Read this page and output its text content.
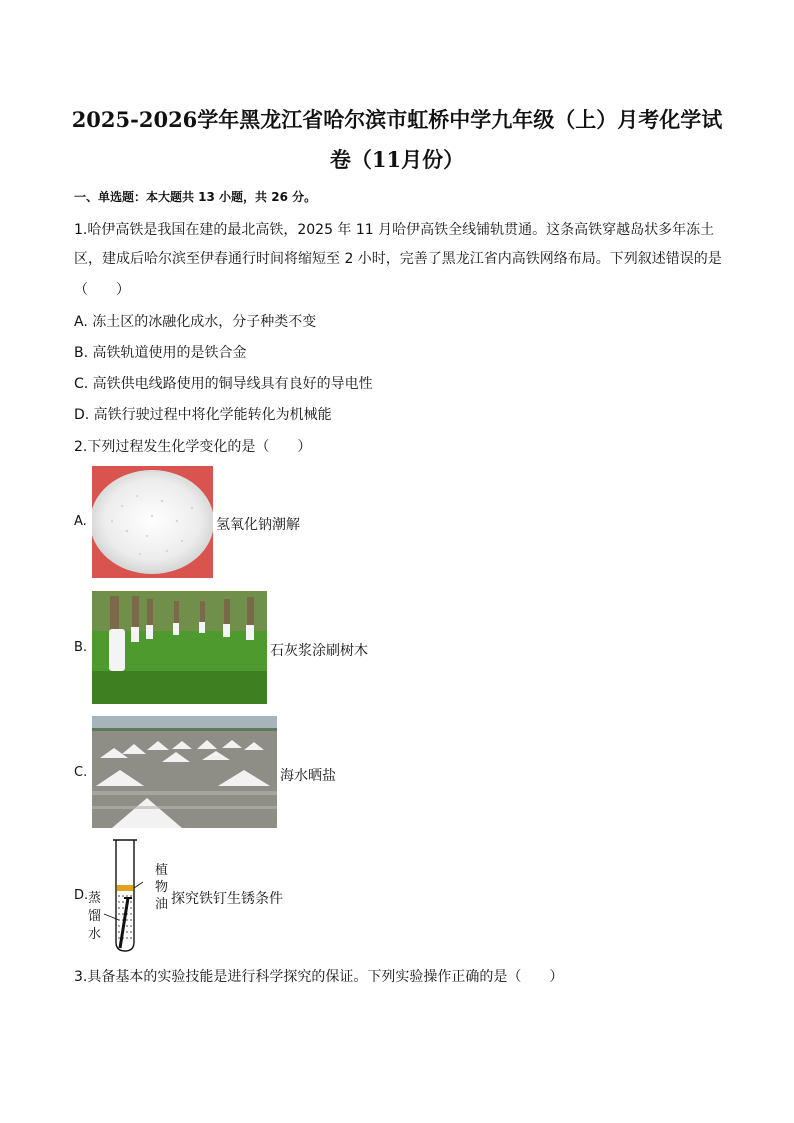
2025-2026学年黑龙江省哈尔滨市虹桥中学九年级（上）月考化学试
卷（11月份）
一、单选题：本大题共 13 小题，共 26 分。
1.哈伊高铁是我国在建的最北高铁，2025 年 11 月哈伊高铁全线铺轨贯通。这条高铁穿越岛状多年冻土
区，建成后哈尔滨至伊春通行时间将缩短至 2 小时，完善了黑龙江省内高铁网络布局。下列叙述错误的是
（　　）
A. 冻土区的冰融化成水，分子种类不变
B. 高铁轨道使用的是铁合金
C. 高铁供电线路使用的铜导线具有良好的导电性
D. 高铁行驶过程中将化学能转化为机械能
2.下列过程发生化学变化的是（　　）
A.	氢氧化钠潮解
B.	石灰浆涂刷树木
C.	海水晒盐
D.
植
物
油
蒸
馏
水
探究铁钉生锈条件
3.具备基本的实验技能是进行科学探究的保证。下列实验操作正确的是（　　）
